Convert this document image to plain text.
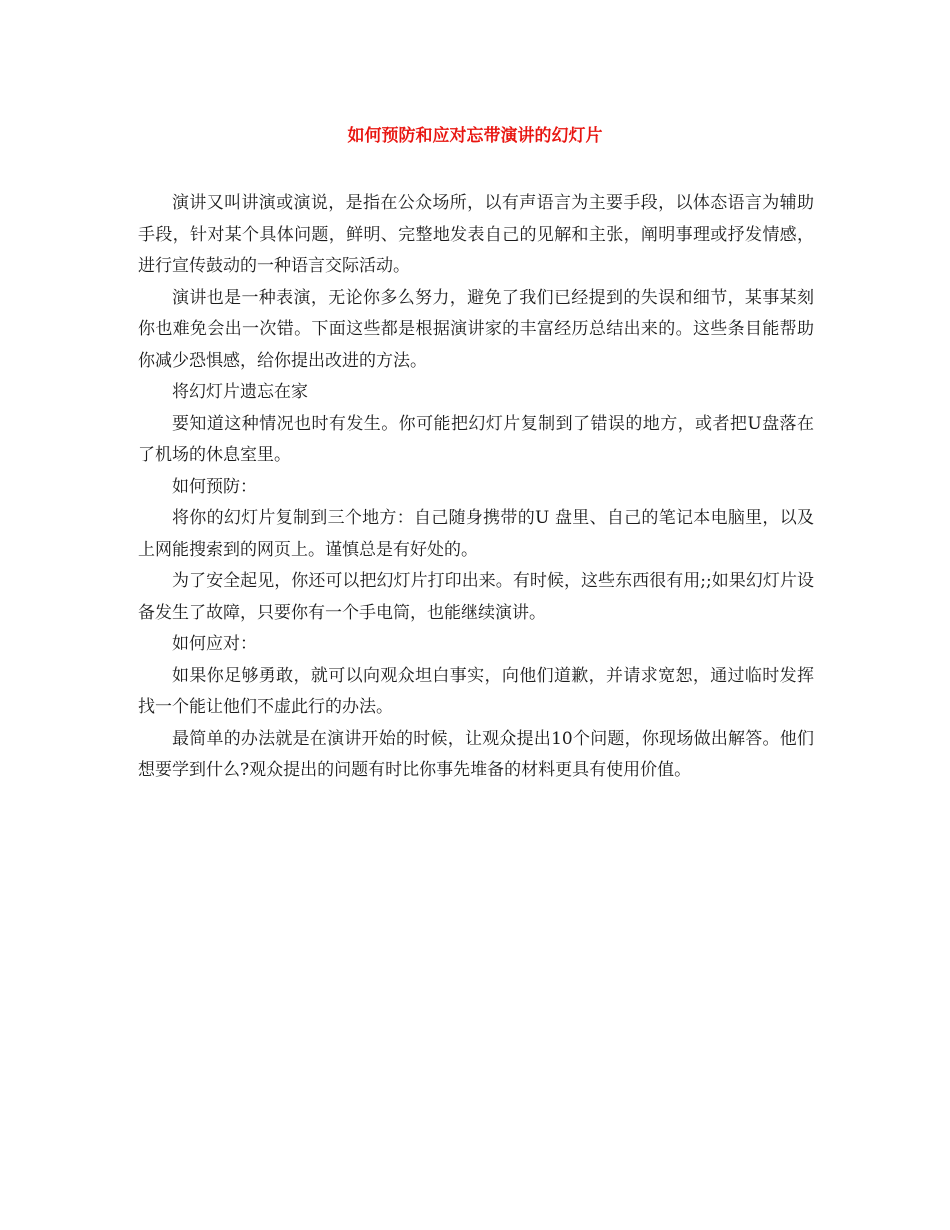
如何预防和应对忘带演讲的幻灯片

演讲又叫讲演或演说，是指在公众场所，以有声语言为主要手段，以体态语言为辅助手段，针对某个具体问题，鲜明、完整地发表自己的见解和主张，阐明事理或抒发情感，进行宣传鼓动的一种语言交际活动。

演讲也是一种表演，无论你多么努力，避免了我们已经提到的失误和细节，某事某刻你也难免会出一次错。下面这些都是根据演讲家的丰富经历总结出来的。这些条目能帮助你减少恐惧感，给你提出改进的方法。

将幻灯片遗忘在家

要知道这种情况也时有发生。你可能把幻灯片复制到了错误的地方，或者把U盘落在了机场的休息室里。

如何预防：

将你的幻灯片复制到三个地方：自己随身携带的U 盘里、自己的笔记本电脑里，以及上网能搜索到的网页上。谨慎总是有好处的。

为了安全起见，你还可以把幻灯片打印出来。有时候，这些东西很有用;;如果幻灯片设备发生了故障，只要你有一个手电筒，也能继续演讲。

如何应对：

如果你足够勇敢，就可以向观众坦白事实，向他们道歉，并请求宽恕，通过临时发挥找一个能让他们不虚此行的办法。

最简单的办法就是在演讲开始的时候，让观众提出10个问题，你现场做出解答。他们想要学到什么?观众提出的问题有时比你事先堆备的材料更具有使用价值。
